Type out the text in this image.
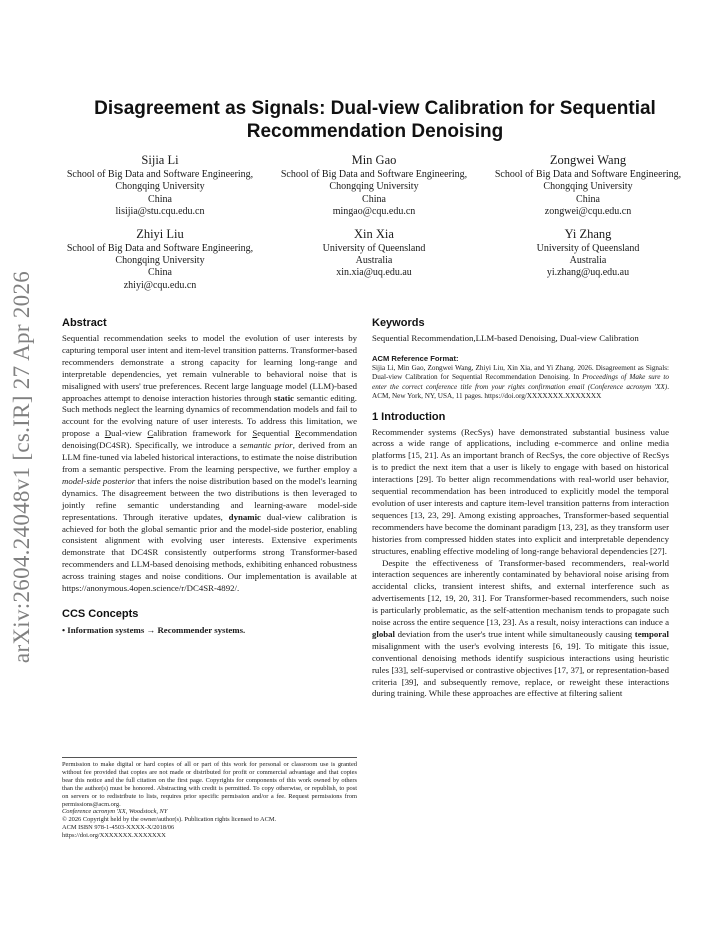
arXiv:2604.24048v1 [cs.IR] 27 Apr 2026
Disagreement as Signals: Dual-view Calibration for Sequential Recommendation Denoising
Sijia Li
School of Big Data and Software Engineering, Chongqing University
China
lisijia@stu.cqu.edu.cn
Min Gao
School of Big Data and Software Engineering, Chongqing University
China
mingao@cqu.edu.cn
Zongwei Wang
School of Big Data and Software Engineering, Chongqing University
China
zongwei@cqu.edu.cn
Zhiyi Liu
School of Big Data and Software Engineering, Chongqing University
China
zhiyi@cqu.edu.cn
Xin Xia
University of Queensland
Australia
xin.xia@uq.edu.au
Yi Zhang
University of Queensland
Australia
yi.zhang@uq.edu.au
Abstract

Sequential recommendation seeks to model the evolution of user interests by capturing temporal user intent and item-level transition patterns. Transformer-based recommenders demonstrate a strong capacity for learning long-range and interpretable dependencies, yet remain vulnerable to behavioral noise that is misaligned with users' true preferences. Recent large language model (LLM)-based approaches attempt to denoise interaction histories through static semantic editing. Such methods neglect the learning dynamics of recommendation models and fail to account for the evolving nature of user interests. To address this limitation, we propose a Dual-view Calibration framework for Sequential Recommendation denoising(DC4SR). Specifically, we introduce a semantic prior, derived from an LLM fine-tuned via labeled historical interactions, to estimate the noise distribution from a semantic perspective. From the learning perspective, we further employ a model-side posterior that infers the noise distribution based on the model's learning dynamics. The disagreement between the two distributions is then leveraged to jointly refine semantic understanding and learning-aware model-side representations. Through iterative updates, dynamic dual-view calibration is achieved for both the global semantic prior and the model-side posterior, enabling consistent alignment with evolving user interests. Extensive experiments demonstrate that DC4SR consistently outperforms strong Transformer-based recommenders and LLM-based denoising methods, exhibiting enhanced robustness across training stages and noise conditions. Our implementation is available at https://anonymous.4open.science/r/DC4SR-4892/.

CCS Concepts
• Information systems → Recommender systems.
Permission to make digital or hard copies of all or part of this work for personal or classroom use is granted without fee provided that copies are not made or distributed for profit or commercial advantage and that copies bear this notice and the full citation on the first page. Copyrights for components of this work owned by others than the author(s) must be honored. Abstracting with credit is permitted. To copy otherwise, or republish, to post on servers or to redistribute to lists, requires prior specific permission and/or a fee. Request permissions from permissions@acm.org.
Conference acronym 'XX, Woodstock, NY
© 2026 Copyright held by the owner/author(s). Publication rights licensed to ACM.
ACM ISBN 978-1-4503-XXXX-X/2018/06
https://doi.org/XXXXXXX.XXXXXXX
Keywords

Sequential Recommendation,LLM-based Denoising, Dual-view Calibration

ACM Reference Format:
Sijia Li, Min Gao, Zongwei Wang, Zhiyi Liu, Xin Xia, and Yi Zhang. 2026. Disagreement as Signals: Dual-view Calibration for Sequential Recommendation Denoising. In Proceedings of Make sure to enter the correct conference title from your rights confirmation email (Conference acronym 'XX). ACM, New York, NY, USA, 11 pages. https://doi.org/XXXXXXX.XXXXXXX
1 Introduction

Recommender systems (RecSys) have demonstrated substantial business value across a wide range of applications, including e-commerce and online media platforms [15, 21]. As an important branch of RecSys, the core objective of RecSys is to predict the next item that a user is likely to engage with based on historical interactions [29]. To better align recommendations with real-world user behavior, sequential recommendation has been introduced to explicitly model the temporal evolution of user interests and capture item-level transition patterns from interaction sequences [13, 23, 29]. Among existing approaches, Transformer-based sequential recommenders have become the dominant paradigm [13, 23], as they transform user histories from compressed hidden states into explicit and interpretable dependency structures, enabling effective modeling of long-range behavioral dependencies [27].

Despite the effectiveness of Transformer-based recommenders, real-world interaction sequences are inherently contaminated by behavioral noise arising from accidental clicks, transient interest shifts, and external interference such as advertisements [12, 19, 20, 31]. For Transformer-based recommenders, such noise is particularly problematic, as the self-attention mechanism tends to propagate such noise across the entire sequence [13, 23]. As a result, noisy interactions can induce a global deviation from the user's true intent while simultaneously causing temporal misalignment with the user's evolving interests [6, 19]. To mitigate this issue, conventional denoising methods identify suspicious interactions using heuristic rules [33], self-supervised or contrastive objectives [17, 37], or representation-based criteria [39], and subsequently remove, replace, or reweight these interactions during training. While these approaches are effective at filtering salient
